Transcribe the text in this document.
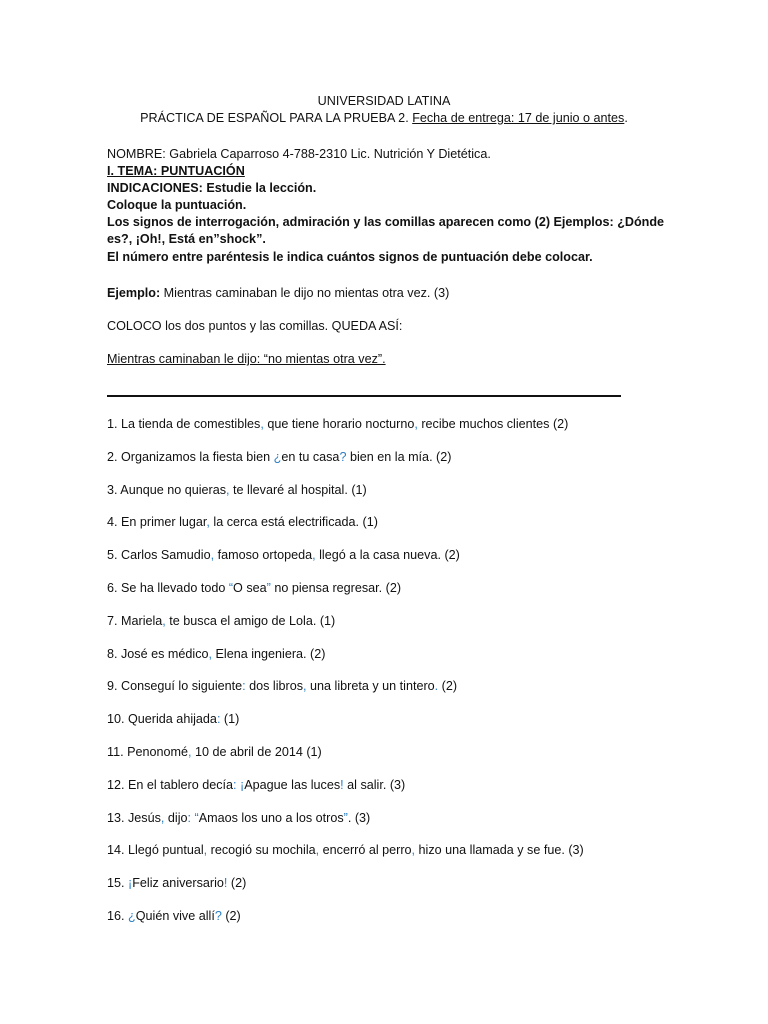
UNIVERSIDAD LATINA
PRÁCTICA DE ESPAÑOL PARA LA PRUEBA 2. Fecha de entrega: 17 de junio o antes.
NOMBRE: Gabriela Caparroso 4-788-2310 Lic. Nutrición Y Dietética.
I. TEMA: PUNTUACIÓN
INDICACIONES: Estudie la lección.
Coloque la puntuación.
Los signos de interrogación, admiración y las comillas aparecen como (2) Ejemplos: ¿Dónde
es?, ¡Oh!, Está en”shock”.
El número entre paréntesis le indica cuántos signos de puntuación debe colocar.
Ejemplo: Mientras caminaban le dijo no mientas otra vez. (3)
COLOCO los dos puntos y las comillas. QUEDA ASÍ:
Mientras caminaban le dijo: “no mientas otra vez”.
1. La tienda de comestibles, que tiene horario nocturno, recibe muchos clientes (2)
2. Organizamos la fiesta bien ¿en tu casa? bien en la mía. (2)
3. Aunque no quieras, te llevaré al hospital. (1)
4. En primer lugar, la cerca está electrificada. (1)
5. Carlos Samudio, famoso ortopeda, llegó a la casa nueva. (2)
6. Se ha llevado todo “O sea” no piensa regresar. (2)
7. Mariela, te busca el amigo de Lola. (1)
8. José es médico, Elena ingeniera. (2)
9. Conseguí lo siguiente: dos libros, una libreta y un tintero. (2)
10. Querida ahijada: (1)
11. Penonomé, 10 de abril de 2014 (1)
12. En el tablero decía: ¡Apague las luces! al salir. (3)
13. Jesús, dijo: “Amaos los uno a los otros”. (3)
14. Llegó puntual, recogió su mochila, encerró al perro, hizo una llamada y se fue. (3)
15. ¡Feliz aniversario! (2)
16. ¿Quién vive allí? (2)
